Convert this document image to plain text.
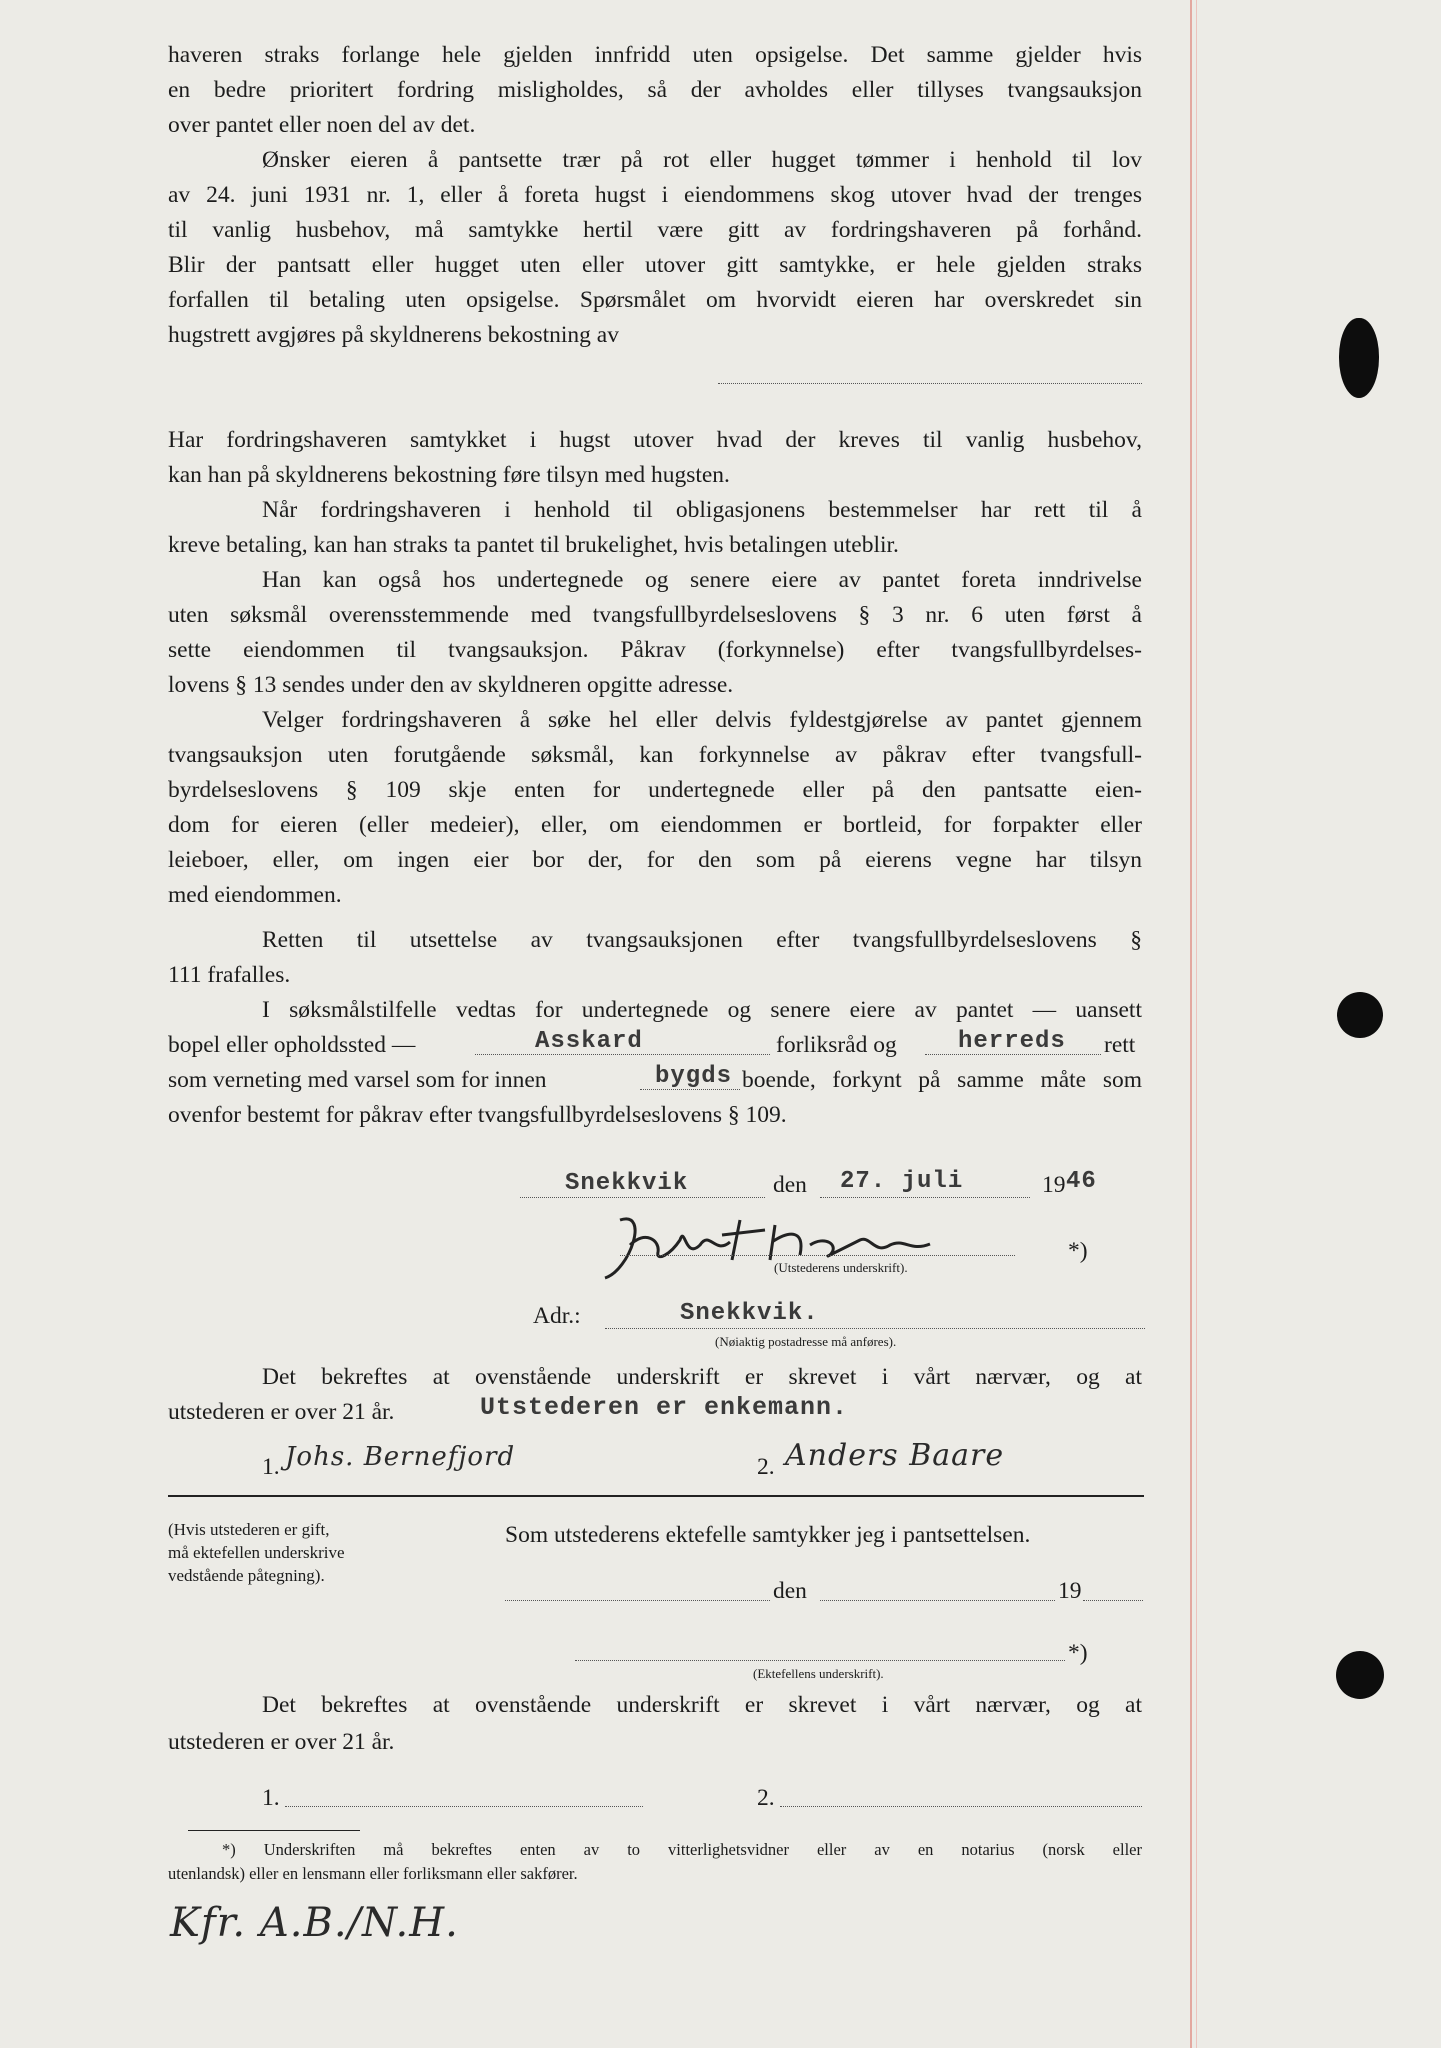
haveren straks forlange hele gjelden innfridd uten opsigelse. Det samme gjelder hvis
en bedre prioritert fordring misligholdes, så der avholdes eller tillyses tvangsauksjon
over pantet eller noen del av det.
Ønsker eieren å pantsette trær på rot eller hugget tømmer i henhold til lov
av 24. juni 1931 nr. 1, eller å foreta hugst i eiendommens skog utover hvad der trenges
til vanlig husbehov, må samtykke hertil være gitt av fordringshaveren på forhånd.
Blir der pantsatt eller hugget uten eller utover gitt samtykke, er hele gjelden straks
forfallen til betaling uten opsigelse. Spørsmålet om hvorvidt eieren har overskredet sin
hugstrett avgjøres på skyldnerens bekostning av
Har fordringshaveren samtykket i hugst utover hvad der kreves til vanlig husbehov,
kan han på skyldnerens bekostning føre tilsyn med hugsten.
Når fordringshaveren i henhold til obligasjonens bestemmelser har rett til å
kreve betaling, kan han straks ta pantet til brukelighet, hvis betalingen uteblir.
Han kan også hos undertegnede og senere eiere av pantet foreta inndrivelse
uten søksmål overensstemmende med tvangsfullbyrdelseslovens § 3 nr. 6 uten først å
sette eiendommen til tvangsauksjon. Påkrav (forkynnelse) efter tvangsfullbyrdelses-
lovens § 13 sendes under den av skyldneren opgitte adresse.
Velger fordringshaveren å søke hel eller delvis fyldestgjørelse av pantet gjennem
tvangsauksjon uten forutgående søksmål, kan forkynnelse av påkrav efter tvangsfull-
byrdelseslovens § 109 skje enten for undertegnede eller på den pantsatte eien-
dom for eieren (eller medeier), eller, om eiendommen er bortleid, for forpakter eller
leieboer, eller, om ingen eier bor der, for den som på eierens vegne har tilsyn
med eiendommen.
Retten til utsettelse av tvangsauksjonen efter tvangsfullbyrdelseslovens §
111 frafalles.
I søksmålstilfelle vedtas for undertegnede og senere eiere av pantet — uansett
bopel eller opholdssted —	Asskard	forliksråd og	herreds rett
som verneting med varsel som for innen	bygds boende, forkynt på samme måte som
ovenfor bestemt for påkrav efter tvangsfullbyrdelseslovens § 109.
Snekkvik	den 27. juli	19 46
*)
(Utstederens underskrift).
Adr.:	Snekkvik.
(Nøiaktig postadresse må anføres).
Det bekreftes at ovenstående underskrift er skrevet i vårt nærvær, og at
utstederen er over 21 år.	Utstederen er enkemann.
1. Johs. Bernefjord	2. Anders Baare
(Hvis utstederen er gift,
må ektefellen underskrive
vedstående påtegning).
Som utstederens ektefelle samtykker jeg i pantsettelsen.
den	19
*)
(Ektefellens underskrift).
Det bekreftes at ovenstående underskrift er skrevet i vårt nærvær, og at
utstederen er over 21 år.
1.	2.
*) Underskriften må bekreftes enten av to vitterlighetsvidner eller av en notarius (norsk eller
utenlandsk) eller en lensmann eller forliksmann eller sakfører.
Kfr. A.B./N.H.
